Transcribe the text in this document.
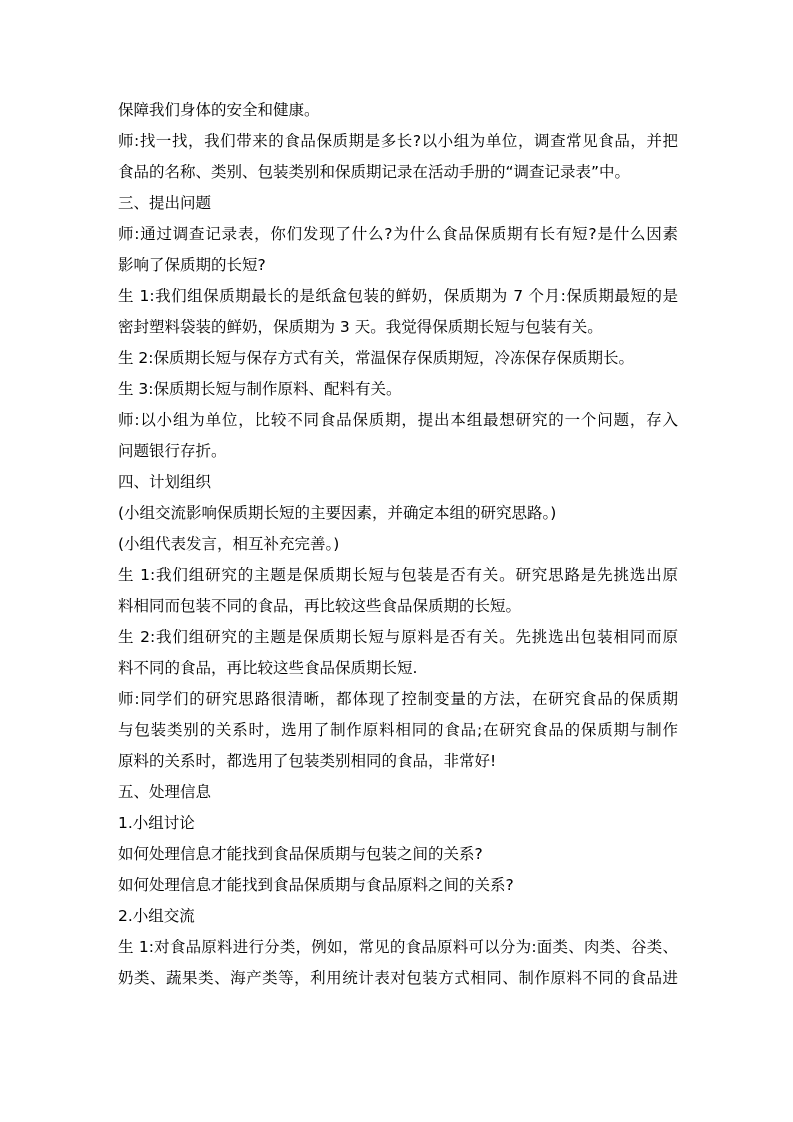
保障我们身体的安全和健康。
师:找一找，我们带来的食品保质期是多长?以小组为单位，调查常见食品，并把
食品的名称、类别、包装类别和保质期记录在活动手册的“调查记录表”中。
三、提出问题
师:通过调查记录表，你们发现了什么?为什么食品保质期有长有短?是什么因素
影响了保质期的长短?
生 1:我们组保质期最长的是纸盒包装的鲜奶，保质期为 7 个月:保质期最短的是
密封塑料袋装的鲜奶，保质期为 3 天。我觉得保质期长短与包装有关。
生 2:保质期长短与保存方式有关，常温保存保质期短，冷冻保存保质期长。
生 3:保质期长短与制作原料、配料有关。
师:以小组为单位，比较不同食品保质期，提出本组最想研究的一个问题，存入
问题银行存折。
四、计划组织
(小组交流影响保质期长短的主要因素，并确定本组的研究思路。)
(小组代表发言，相互补充完善。)
生 1:我们组研究的主题是保质期长短与包装是否有关。研究思路是先挑选出原
料相同而包装不同的食品，再比较这些食品保质期的长短。
生 2:我们组研究的主题是保质期长短与原料是否有关。先挑选出包装相同而原
料不同的食品，再比较这些食品保质期长短.
师:同学们的研究思路很清晰，都体现了控制变量的方法，在研究食品的保质期
与包装类别的关系时，选用了制作原料相同的食品;在研究食品的保质期与制作
原料的关系时，都选用了包装类别相同的食品，非常好!
五、处理信息
1.小组讨论
如何处理信息才能找到食品保质期与包装之间的关系?
如何处理信息才能找到食品保质期与食品原料之间的关系?
2.小组交流
生 1:对食品原料进行分类，例如，常见的食品原料可以分为:面类、肉类、谷类、
奶类、蔬果类、海产类等，利用统计表对包装方式相同、制作原料不同的食品进
